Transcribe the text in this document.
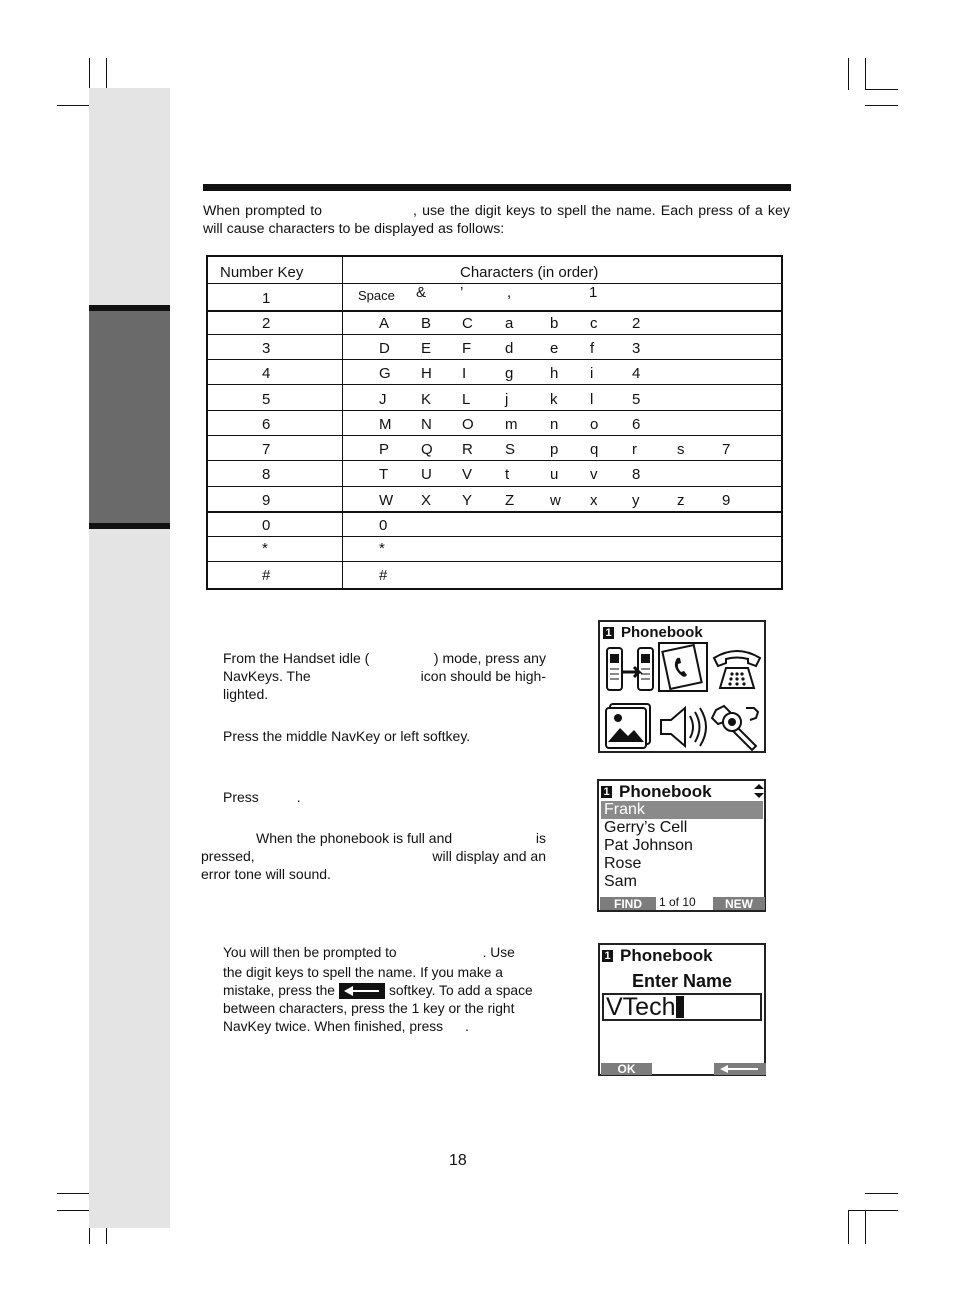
When prompted to	, use the digit keys to spell the name. Each press of a key will cause characters to be displayed as follows:
Number Key	Characters (in order)
1	Space & ’	,	1
2	A B C a b c 2
3	D E F d e f	3
4	G H I	g h i	4
5	J K L j	k l	5
6	M N O m n o 6
7	P Q R S p q r	s	7
8	T U V t	u v 8
9	W X Y Z w x y	z	9
0	0
*	*
#	#
From the Handset idle (	) mode, press any
NavKeys. The	icon should be high-
lighted.
Press the middle NavKey or left softkey.
Press	.
When the phonebook is full and	is
pressed,	will display and an
error tone will sound.
You will then be prompted to	. Use
the digit keys to spell the name. If you make a
mistake, press the	softkey. To add a space
between characters, press the 1 key or the right
NavKey twice. When finished, press .
1 Phonebook
1 Phonebook
Frank
Gerry’s Cell
Pat Johnson
Rose
Sam
FIND	1 of 10	NEW
1 Phonebook
Enter Name
VTech
OK
18
